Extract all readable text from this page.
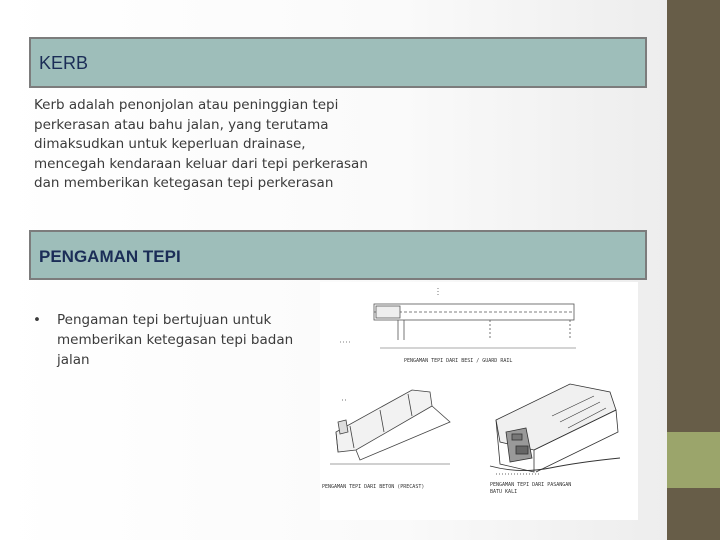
KERB
Kerb adalah penonjolan atau peninggian tepi perkerasan atau bahu jalan, yang terutama dimaksudkan untuk keperluan drainase, mencegah kendaraan keluar dari tepi perkerasan dan memberikan ketegasan tepi perkerasan
PENGAMAN TEPI
•	Pengaman tepi bertujuan untuk memberikan ketegasan tepi badan jalan	PENGAMAN TEPI DARI BESI / GUARD RAIL
PENGAMAN TEPI DARI BETON (PRECAST)	PENGAMAN TEPI DARI PASANGAN
BATU KALI
